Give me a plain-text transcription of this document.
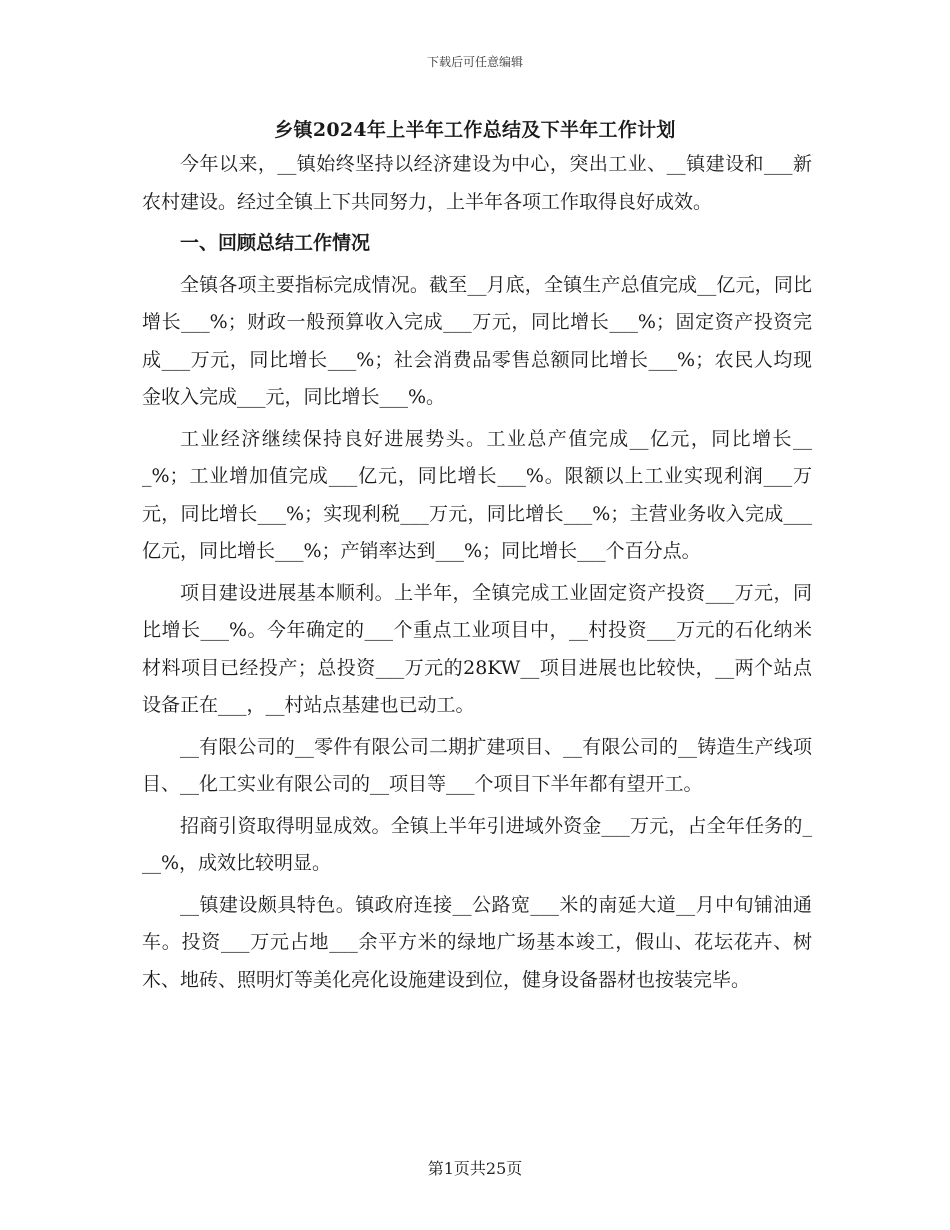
下载后可任意编辑
乡镇2024年上半年工作总结及下半年工作计划

今年以来，__镇始终坚持以经济建设为中心，突出工业、__镇建设和___新农村建设。经过全镇上下共同努力，上半年各项工作取得良好成效。

一、回顾总结工作情况

全镇各项主要指标完成情况。截至__月底，全镇生产总值完成__亿元，同比增长___%；财政一般预算收入完成___万元，同比增长___%；固定资产投资完成___万元，同比增长___%；社会消费品零售总额同比增长___%；农民人均现金收入完成___元，同比增长___%。

工业经济继续保持良好进展势头。工业总产值完成__亿元，同比增长___%；工业增加值完成___亿元，同比增长___%。限额以上工业实现利润___万元，同比增长___%；实现利税___万元，同比增长___%；主营业务收入完成___亿元，同比增长___%；产销率达到___%；同比增长___个百分点。

项目建设进展基本顺利。上半年，全镇完成工业固定资产投资___万元，同比增长___%。今年确定的___个重点工业项目中，__村投资___万元的石化纳米材料项目已经投产；总投资___万元的28KW__项目进展也比较快，__两个站点设备正在___，__村站点基建也已动工。

__有限公司的__零件有限公司二期扩建项目、__有限公司的__铸造生产线项目、__化工实业有限公司的__项目等___个项目下半年都有望开工。

招商引资取得明显成效。全镇上半年引进域外资金___万元，占全年任务的___%，成效比较明显。

__镇建设颇具特色。镇政府连接__公路宽___米的南延大道__月中旬铺油通车。投资___万元占地___余平方米的绿地广场基本竣工，假山、花坛花卉、树木、地砖、照明灯等美化亮化设施建设到位，健身设备器材也按装完毕。

第1页共25页
